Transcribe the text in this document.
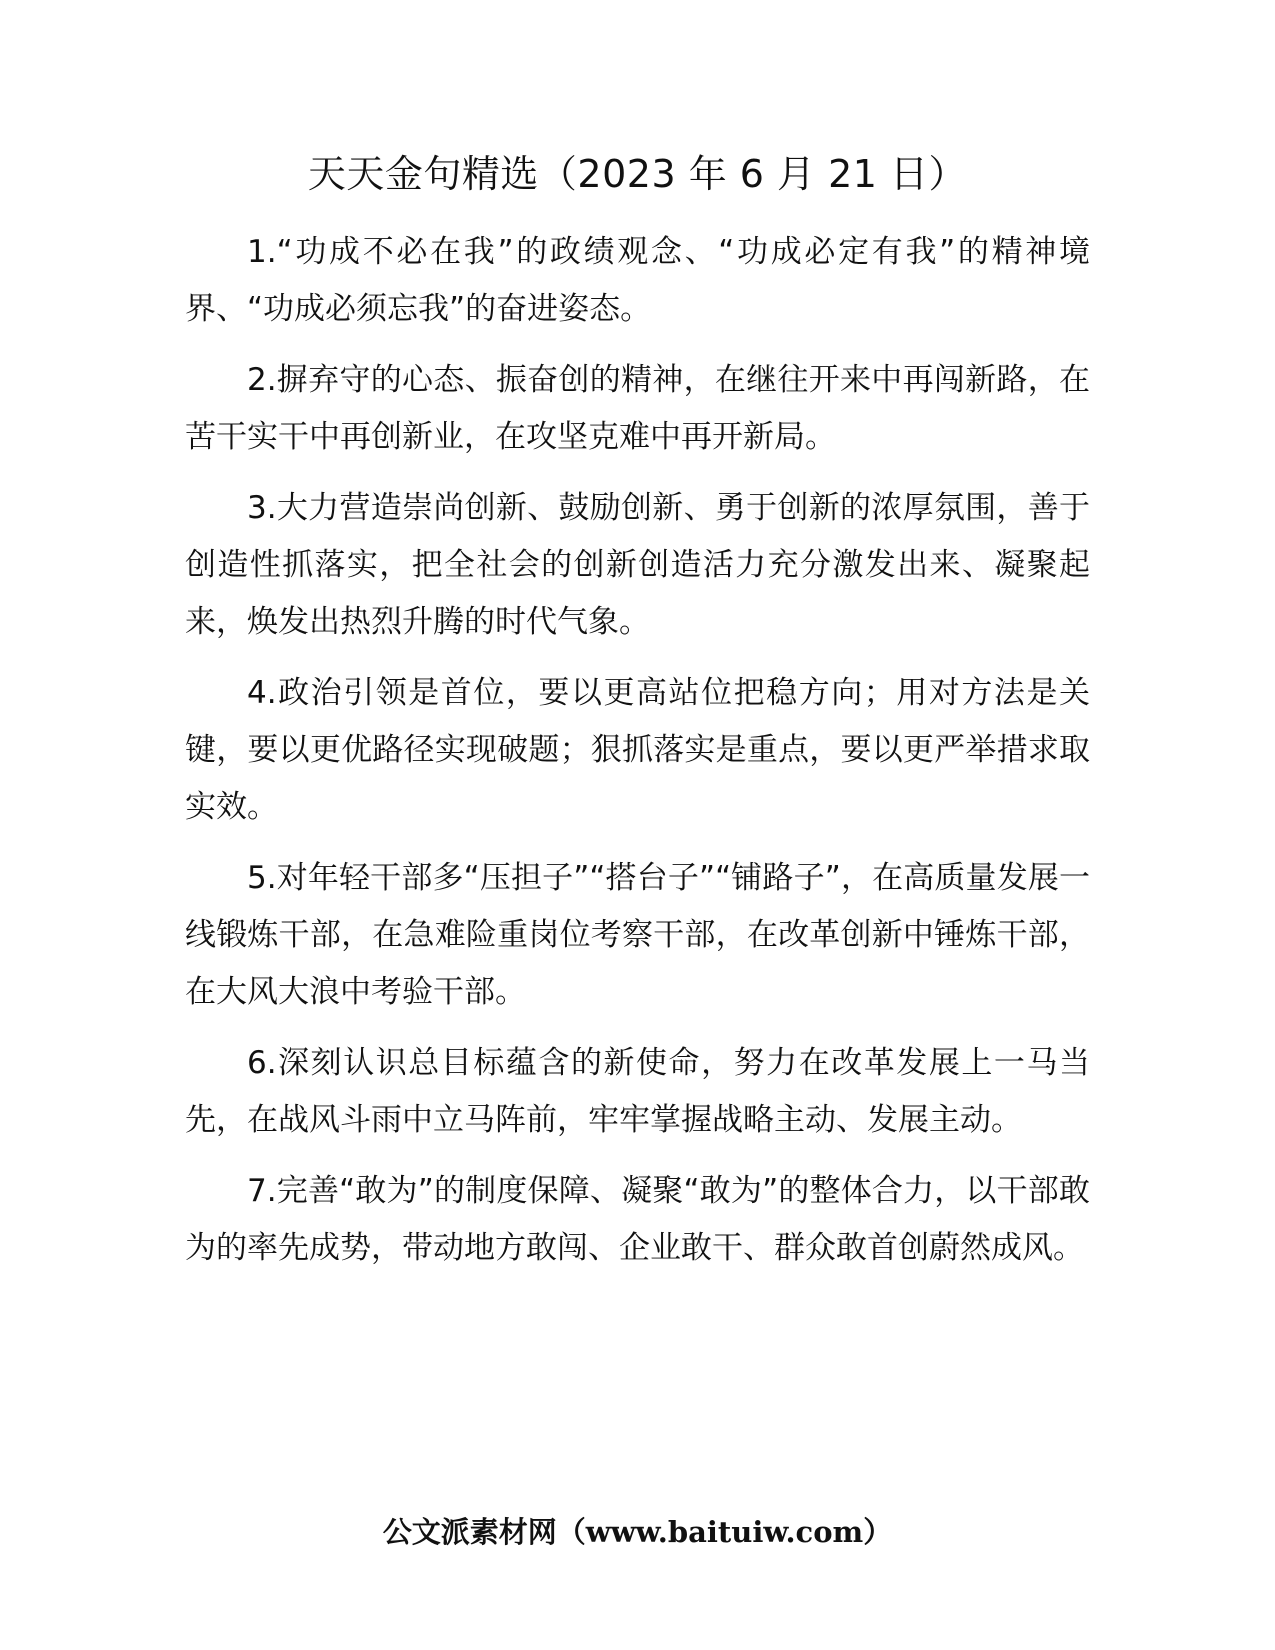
天天金句精选（2023 年 6 月 21 日）

1.“功成不必在我”的政绩观念、“功成必定有我”的精神境界、“功成必须忘我”的奋进姿态。

2.摒弃守的心态、振奋创的精神，在继往开来中再闯新路，在苦干实干中再创新业，在攻坚克难中再开新局。

3.大力营造崇尚创新、鼓励创新、勇于创新的浓厚氛围，善于创造性抓落实，把全社会的创新创造活力充分激发出来、凝聚起来，焕发出热烈升腾的时代气象。

4.政治引领是首位，要以更高站位把稳方向；用对方法是关键，要以更优路径实现破题；狠抓落实是重点，要以更严举措求取实效。

5.对年轻干部多“压担子”“搭台子”“铺路子”，在高质量发展一线锻炼干部，在急难险重岗位考察干部，在改革创新中锤炼干部，在大风大浪中考验干部。

6.深刻认识总目标蕴含的新使命，努力在改革发展上一马当先，在战风斗雨中立马阵前，牢牢掌握战略主动、发展主动。

7.完善“敢为”的制度保障、凝聚“敢为”的整体合力，以干部敢为的率先成势，带动地方敢闯、企业敢干、群众敢首创蔚然成风。

公文派素材网（www.baituiw.com）
